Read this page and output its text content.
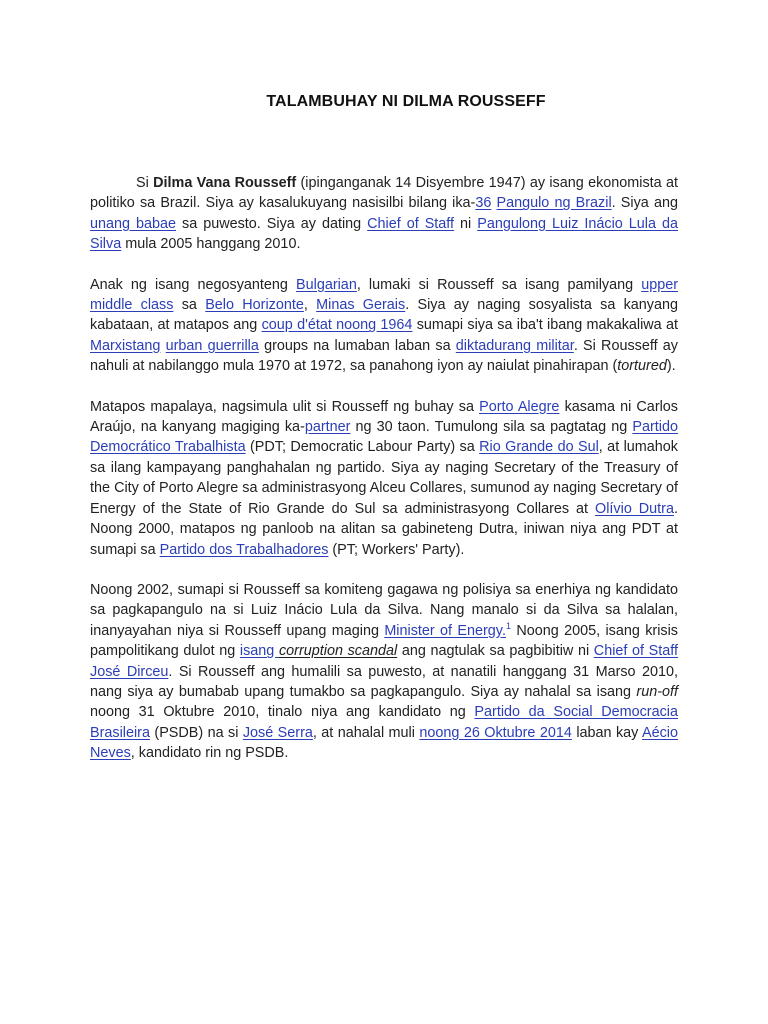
TALAMBUHAY NI DILMA ROUSSEFF

Si Dilma Vana Rousseff (ipinganganak 14 Disyembre 1947) ay isang ekonomista at politiko sa Brazil. Siya ay kasalukuyang nasisilbi bilang ika-36 Pangulo ng Brazil. Siya ang unang babae sa puwesto. Siya ay dating Chief of Staff ni Pangulong Luiz Inácio Lula da Silva mula 2005 hanggang 2010.

Anak ng isang negosyanteng Bulgarian, lumaki si Rousseff sa isang pamilyang upper middle class sa Belo Horizonte, Minas Gerais. Siya ay naging sosyalista sa kanyang kabataan, at matapos ang coup d'état noong 1964 sumapi siya sa iba't ibang makakaliwa at Marxistang urban guerrilla groups na lumaban laban sa diktadurang militar. Si Rousseff ay nahuli at nabilanggo mula 1970 at 1972, sa panahong iyon ay naiulat pinahirapan (tortured).

Matapos mapalaya, nagsimula ulit si Rousseff ng buhay sa Porto Alegre kasama ni Carlos Araújo, na kanyang magiging ka-partner ng 30 taon. Tumulong sila sa pagtatag ng Partido Democrático Trabalhista (PDT; Democratic Labour Party) sa Rio Grande do Sul, at lumahok sa ilang kampayang panghahalan ng partido. Siya ay naging Secretary of the Treasury of the City of Porto Alegre sa administrasyong Alceu Collares, sumunod ay naging Secretary of Energy of the State of Rio Grande do Sul sa administrasyong Collares at Olívio Dutra. Noong 2000, matapos ng panloob na alitan sa gabineteng Dutra, iniwan niya ang PDT at sumapi sa Partido dos Trabalhadores (PT; Workers' Party).

Noong 2002, sumapi si Rousseff sa komiteng gagawa ng polisiya sa enerhiya ng kandidato sa pagkapangulo na si Luiz Inácio Lula da Silva. Nang manalo si da Silva sa halalan, inanyayahan niya si Rousseff upang maging Minister of Energy.$^1$ Noong 2005, isang krisis pampolitikang dulot ng isang corruption scandal ang nagtulak sa pagbibitiw ni Chief of Staff José Dirceu. Si Rousseff ang humalili sa puwesto, at nanatili hanggang 31 Marso 2010, nang siya ay bumabab upang tumakbo sa pagkapangulo. Siya ay nahalal sa isang run-off noong 31 Oktubre 2010, tinalo niya ang kandidato ng Partido da Social Democracia Brasileira (PSDB) na si José Serra, at nahalal muli noong 26 Oktubre 2014 laban kay Aécio Neves, kandidato rin ng PSDB.
